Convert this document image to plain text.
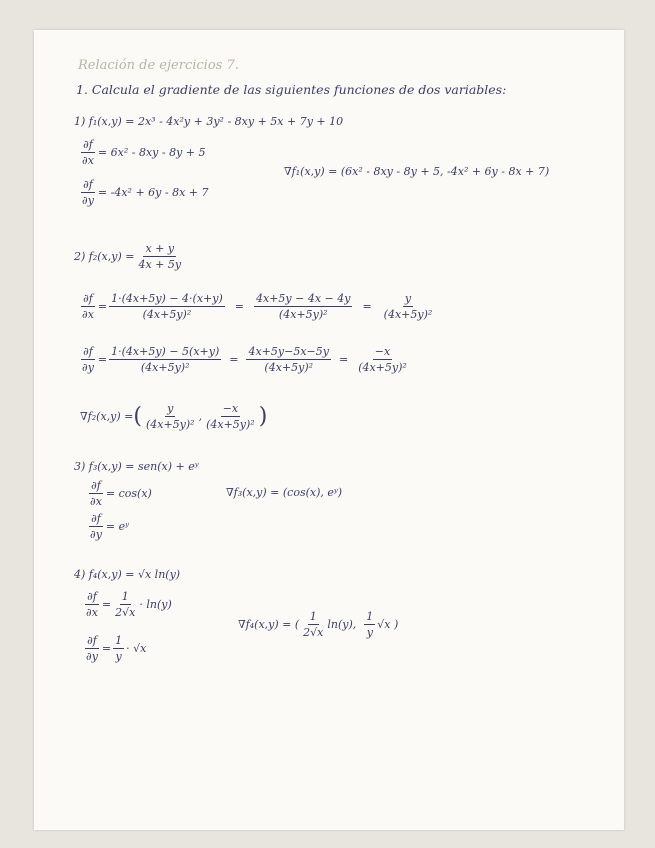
Relación de ejercicios 7.
1. Calcula el gradiente de las siguientes funciones de dos variables:
1) f₁(x,y) = 2x³ - 4x²y + 3y² - 8xy + 5x + 7y + 10
$\frac{\partial f}{\partial x} = 6x^2 - 8xy - 8y + 5$
∇f₁(x,y) = (6x² - 8xy - 8y + 5, -4x² + 6y - 8x + 7)
$\frac{\partial f}{\partial y} = -4x^2 + 6y - 8x + 7$
2) $f_2(x,y) = \frac{x + y}{4x + 5y}$
$\frac{\partial f}{\partial x} = \frac{1\cdot(4x+5y) - 4\cdot(x+y)}{\text{(4x+5y)²}} = \frac{4x+5y - 4x - 4y}{\text{(4x+5y)²}} = \frac{y}{\text{(4x+5y)²}}$
$\frac{\partial f}{\partial y} = \frac{1\cdot(4x+5y) - 5(x+y)}{\text{(4x+5y)²}} = \frac{4x+5y-5x-5y}{\text{(4x+5y)²}} = \frac{-x}{\text{(4x+5y)²}}$
∇f₂(x,y) = ( $\frac{y}{\text{(4x+5y)²}}$ , $\frac{-x}{\text{(4x+5y)²}}$ )
3) f₃(x,y) = sen(x) + eʸ
$\frac{\partial f}{\partial x} = \cos(x)$	∇f₃(x,y) = (cos(x), eʸ)
$\frac{\partial f}{\partial y}$ = eʸ
4) f₄(x,y) = √x ln(y)
$\frac{\partial f}{\partial x} = \frac{1}{2√x} \cdot \ln(y)$
∇f₄(x,y) = ( $\frac{1}{2√x} \ln(y)$, $\frac{1}{y} √x$ )
$\frac{\partial f}{\partial y} = \frac{1}{y} \cdot √x$
